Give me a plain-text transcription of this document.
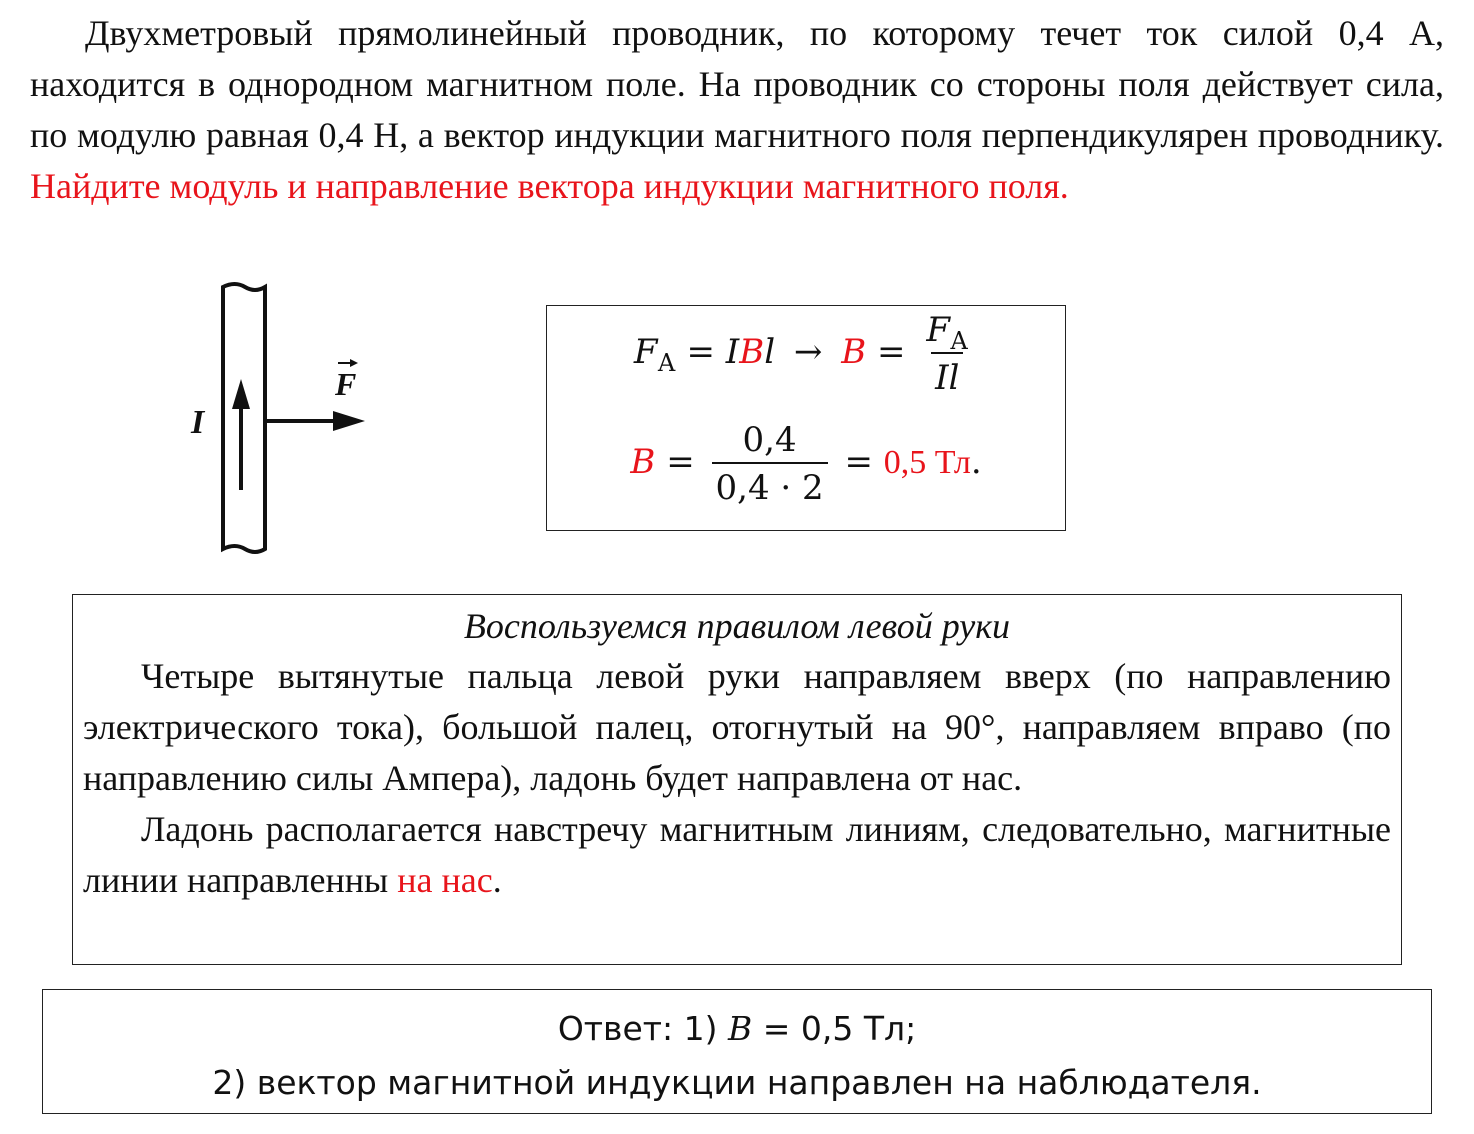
Двухметровый прямолинейный проводник, по которому течет ток силой 0,4 А, находится в однородном магнитном поле. На проводник со стороны поля действует сила, по модулю равная 0,4 Н, а вектор индукции магнитного поля перпендикулярен проводнику. Найдите модуль и направление вектора индукции магнитного поля.

I
F
$F_А$ = IBl → $B = \frac{F_А}{Il}$
$B = \frac{0,4}{0,4 \cdot 2} = 0,5$ Тл.

Воспользуемся правилом левой руки

Четыре вытянутые пальца левой руки направляем вверх (по направлению электрического тока), большой палец, отогнутый на 90°, направляем вправо (по направлению силы Ампера), ладонь будет направлена от нас.

Ладонь располагается навстречу магнитным линиям, следовательно, магнитные линии направленны на нас.

Ответ: 1) B = 0,5 Тл;

2) вектор магнитной индукции направлен на наблюдателя.
